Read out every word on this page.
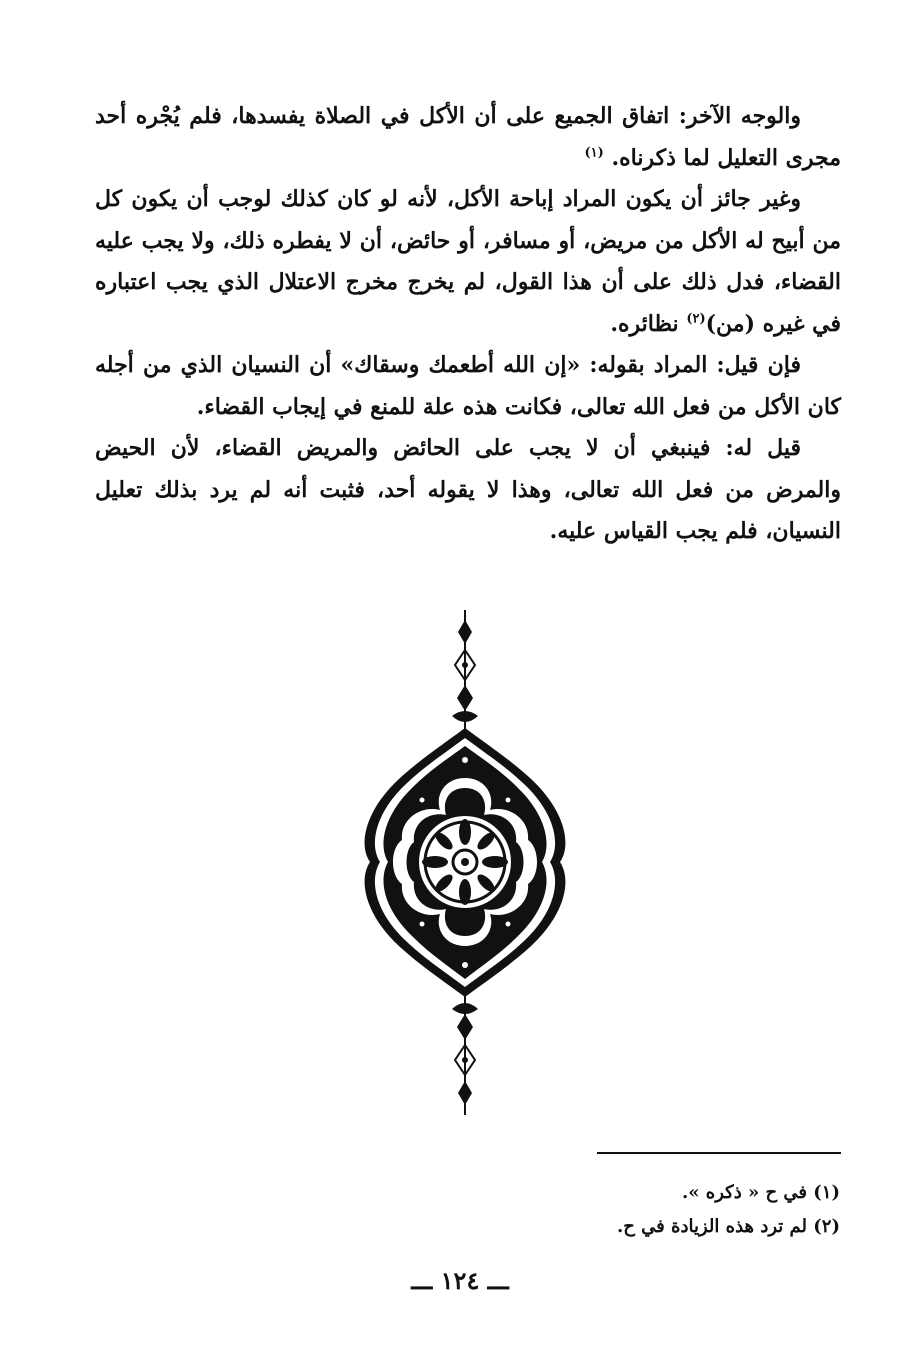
والوجه الآخر: اتفاق الجميع على أن الأكل في الصلاة يفسدها، فلم يُجْره أحد مجرى التعليل لما ذكرناه. $^{(١)}$

وغير جائز أن يكون المراد إباحة الأكل، لأنه لو كان كذلك لوجب أن يكون كل من أبيح له الأكل من مريض، أو مسافر، أو حائض، أن لا يفطره ذلك، ولا يجب عليه القضاء، فدل ذلك على أن هذا القول، لم يخرج مخرج الاعتلال الذي يجب اعتباره في غيره (من)$^{(٢)}$ نظائره.

فإن قيل: المراد بقوله: «إن الله أطعمك وسقاك» أن النسيان الذي من أجله كان الأكل من فعل الله تعالى، فكانت هذه علة للمنع في إيجاب القضاء.

قيل له: فينبغي أن لا يجب على الحائض والمريض القضاء، لأن الحيض والمرض من فعل الله تعالى، وهذا لا يقوله أحد، فثبت أنه لم يرد بذلك تعليل النسيان، فلم يجب القياس عليه.

(١) في ح « ذكره ».

(٢) لم ترد هذه الزيادة في ح.

ـــ ١٢٤ ـــ
